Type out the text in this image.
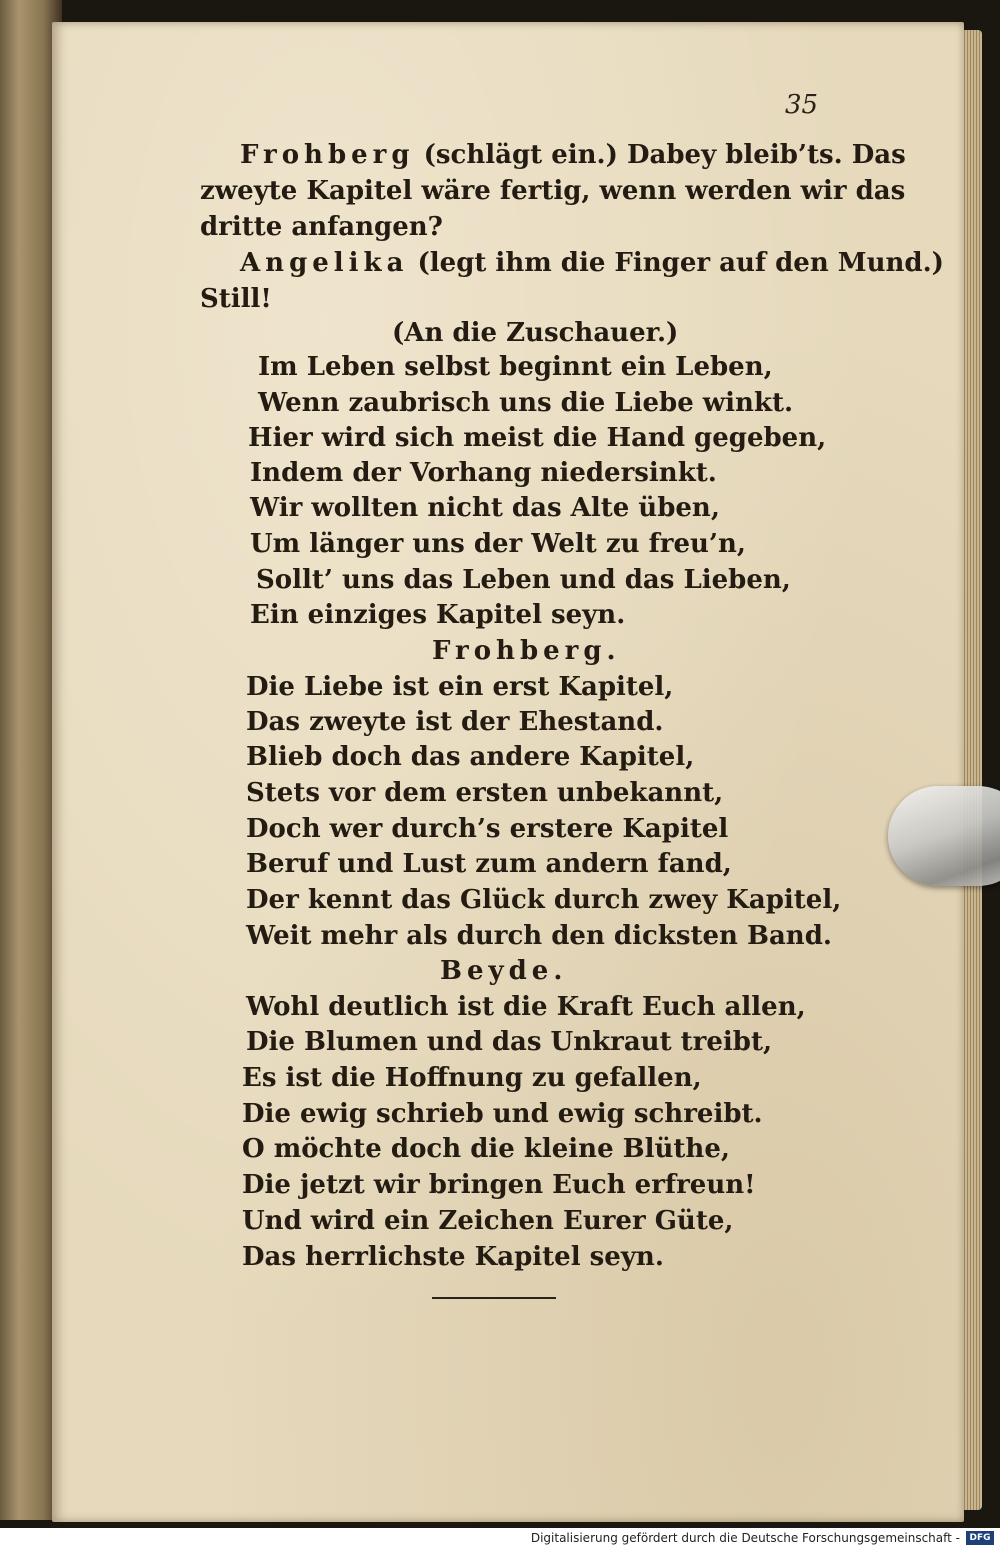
35
Frohberg (schlägt ein.) Dabey bleib’ts. Das
zweyte Kapitel wäre fertig, wenn werden wir das
dritte anfangen?
Angelika (legt ihm die Finger auf den Mund.)
Still!
(An die Zuschauer.)
Im Leben selbst beginnt ein Leben,
Wenn zaubrisch uns die Liebe winkt.
Hier wird sich meist die Hand gegeben,
Indem der Vorhang niedersinkt.
Wir wollten nicht das Alte üben,
Um länger uns der Welt zu freu’n,
Sollt’ uns das Leben und das Lieben,
Ein einziges Kapitel seyn.
Frohberg.
Die Liebe ist ein erst Kapitel,
Das zweyte ist der Ehestand.
Blieb doch das andere Kapitel,
Stets vor dem ersten unbekannt,
Doch wer durch’s erstere Kapitel
Beruf und Lust zum andern fand,
Der kennt das Glück durch zwey Kapitel,
Weit mehr als durch den dicksten Band.
Beyde.
Wohl deutlich ist die Kraft Euch allen,
Die Blumen und das Unkraut treibt,
Es ist die Hoffnung zu gefallen,
Die ewig schrieb und ewig schreibt.
O möchte doch die kleine Blüthe,
Die jetzt wir bringen Euch erfreun!
Und wird ein Zeichen Eurer Güte,
Das herrlichste Kapitel seyn.
Digitalisierung gefördert durch die Deutsche Forschungsgemeinschaft -	DFG
